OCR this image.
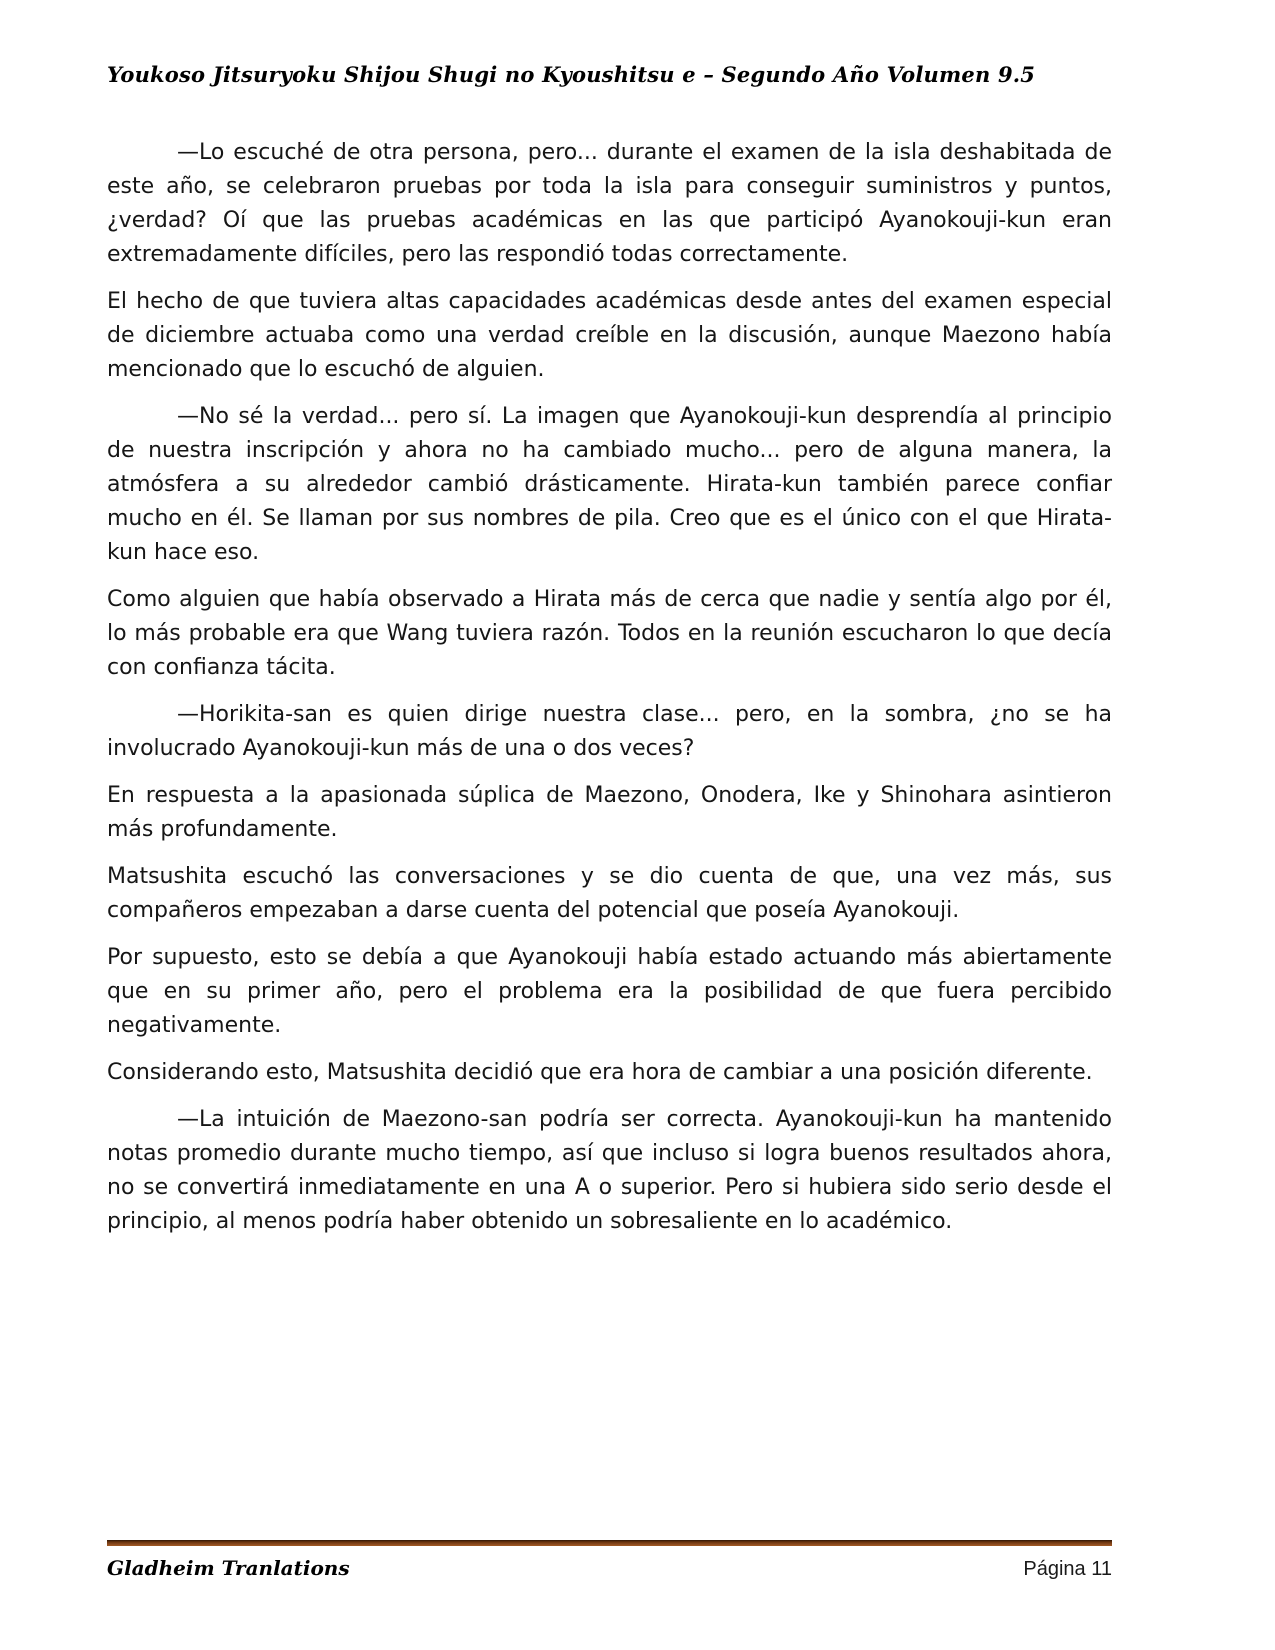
Youkoso Jitsuryoku Shijou Shugi no Kyoushitsu e – Segundo Año Volumen 9.5

—Lo escuché de otra persona, pero... durante el examen de la isla deshabitada de este año, se celebraron pruebas por toda la isla para conseguir suministros y puntos, ¿verdad? Oí que las pruebas académicas en las que participó Ayanokouji-kun eran extremadamente difíciles, pero las respondió todas correctamente.

El hecho de que tuviera altas capacidades académicas desde antes del examen especial de diciembre actuaba como una verdad creíble en la discusión, aunque Maezono había mencionado que lo escuchó de alguien.

—No sé la verdad... pero sí. La imagen que Ayanokouji-kun desprendía al principio de nuestra inscripción y ahora no ha cambiado mucho... pero de alguna manera, la atmósfera a su alrededor cambió drásticamente. Hirata-kun también parece confiar mucho en él. Se llaman por sus nombres de pila. Creo que es el único con el que Hirata-kun hace eso.

Como alguien que había observado a Hirata más de cerca que nadie y sentía algo por él, lo más probable era que Wang tuviera razón. Todos en la reunión escucharon lo que decía con confianza tácita.

—Horikita-san es quien dirige nuestra clase... pero, en la sombra, ¿no se ha involucrado Ayanokouji-kun más de una o dos veces?

En respuesta a la apasionada súplica de Maezono, Onodera, Ike y Shinohara asintieron más profundamente.

Matsushita escuchó las conversaciones y se dio cuenta de que, una vez más, sus compañeros empezaban a darse cuenta del potencial que poseía Ayanokouji.

Por supuesto, esto se debía a que Ayanokouji había estado actuando más abiertamente que en su primer año, pero el problema era la posibilidad de que fuera percibido negativamente.

Considerando esto, Matsushita decidió que era hora de cambiar a una posición diferente.

—La intuición de Maezono-san podría ser correcta. Ayanokouji-kun ha mantenido notas promedio durante mucho tiempo, así que incluso si logra buenos resultados ahora, no se convertirá inmediatamente en una A o superior. Pero si hubiera sido serio desde el principio, al menos podría haber obtenido un sobresaliente en lo académico.

Gladheim Tranlations	Página 11
